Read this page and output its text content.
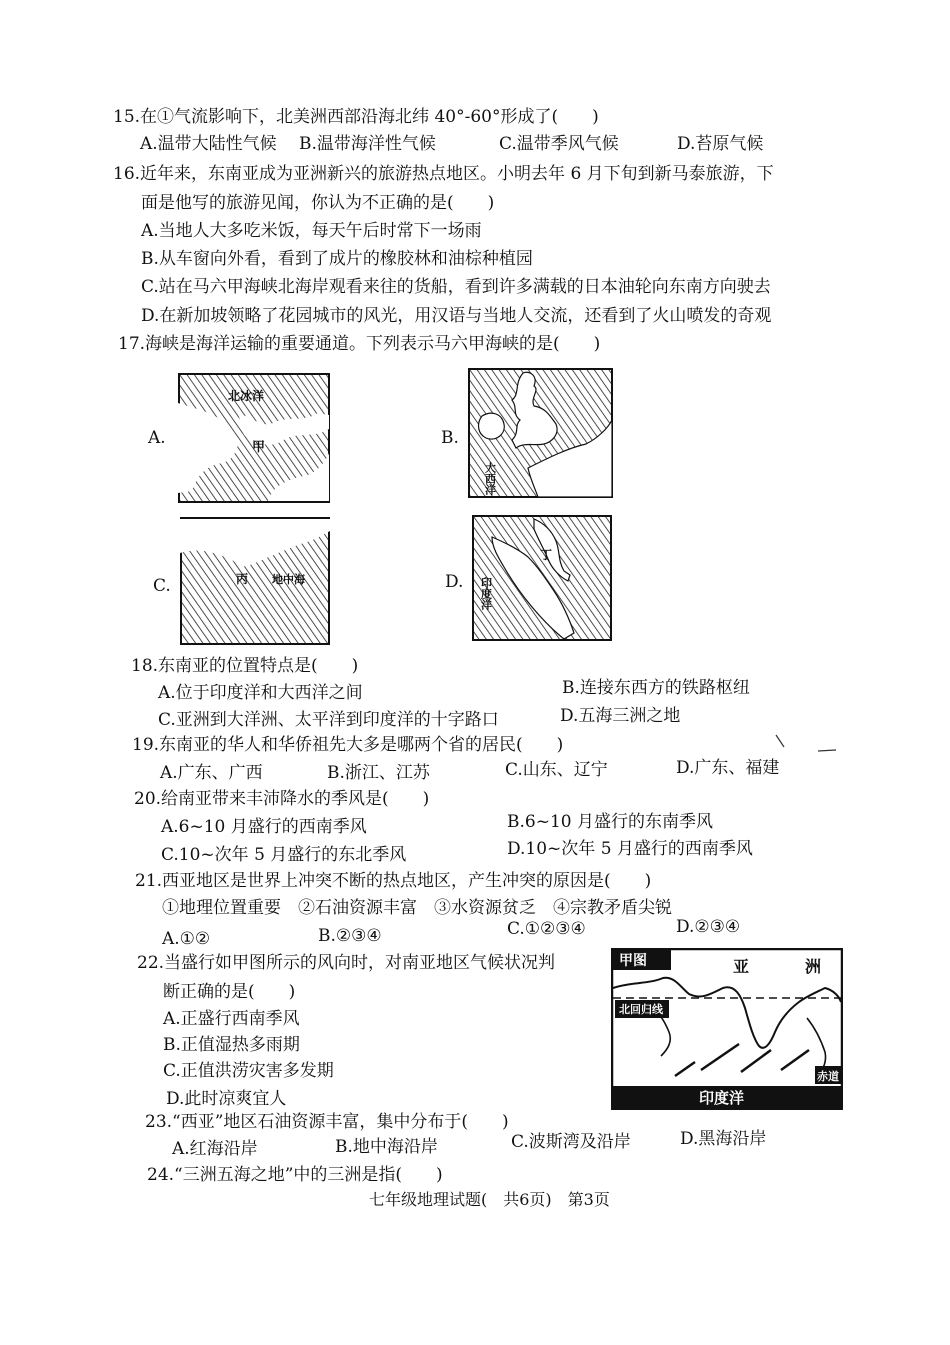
15.在①气流影响下，北美洲西部沿海北纬 40°-60°形成了(　　)
A.温带大陆性气候 B.温带海洋性气候	C.温带季风气候	D.苔原气候
16.近年来，东南亚成为亚洲新兴的旅游热点地区。小明去年 6 月下旬到新马泰旅游，下
面是他写的旅游见闻，你认为不正确的是(　　)
A.当地人大多吃米饭，每天午后时常下一场雨
B.从车窗向外看，看到了成片的橡胶林和油棕种植园
C.站在马六甲海峡北海岸观看来往的货船，看到许多满载的日本油轮向东南方向驶去
D.在新加坡领略了花园城市的风光，用汉语与当地人交流，还看到了火山喷发的奇观
17.海峡是海洋运输的重要通道。下列表示马六甲海峡的是(　　)
A.
北冰洋
甲	B.
大西洋
C.	丙 地中海	D.
丁
印度洋
18.东南亚的位置特点是(　　)
A.位于印度洋和大西洋之间	B.连接东西方的铁路枢纽
C.亚洲到大洋洲、太平洋到印度洋的十字路口	D.五海三洲之地
19.东南亚的华人和华侨祖先大多是哪两个省的居民(　　)
A.广东、广西	B.浙江、江苏	C.山东、辽宁	D.广东、福建
20.给南亚带来丰沛降水的季风是(　　)
A.6~10 月盛行的西南季风	B.6~10 月盛行的东南季风
C.10~次年 5 月盛行的东北季风	D.10~次年 5 月盛行的西南季风
21.西亚地区是世界上冲突不断的热点地区，产生冲突的原因是(　　)
①地理位置重要　②石油资源丰富　③水资源贫乏　④宗教矛盾尖锐
A.①②	B.②③④	C.①②③④	D.②③④
22.当盛行如甲图所示的风向时，对南亚地区气候状况判
断正确的是(　　)
A.正盛行西南季风
B.正值湿热多雨期
C.正值洪涝灾害多发期
D.此时凉爽宜人
甲图	亚	洲
北回归线
赤道
印度洋
23.“西亚”地区石油资源丰富，集中分布于(　　)
A.红海沿岸	B.地中海沿岸	C.波斯湾及沿岸	D.黑海沿岸
24.“三洲五海之地”中的三洲是指(　　)
七年级地理试题(　共6页)　第3页
